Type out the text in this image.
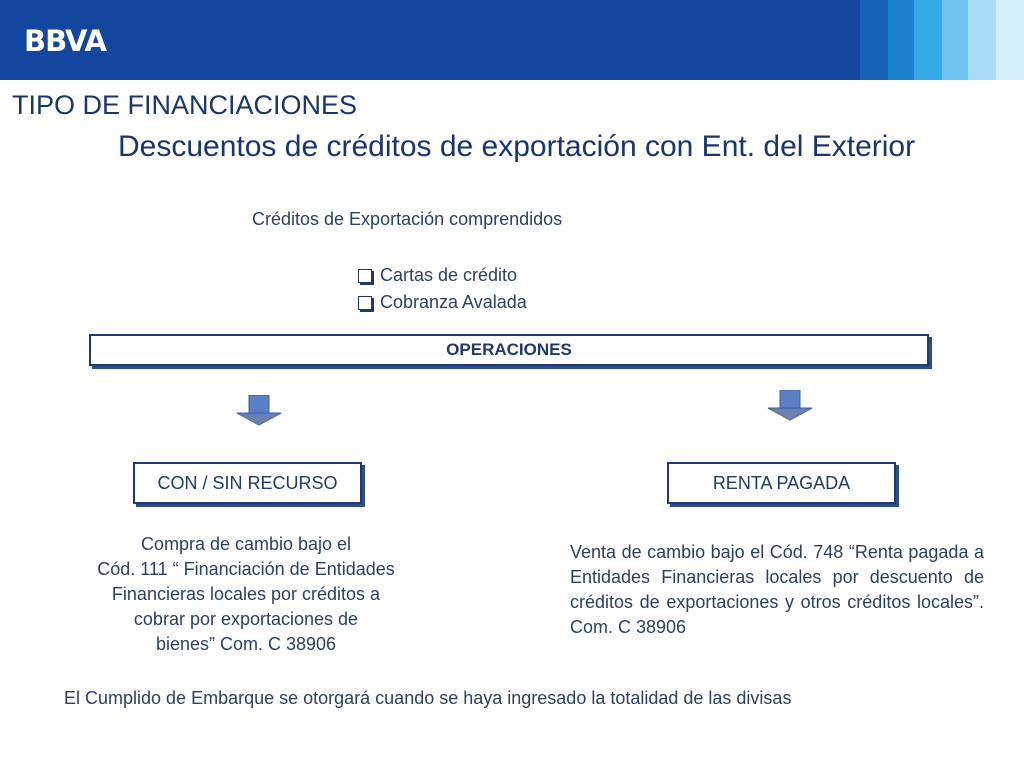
BBVA
TIPO DE FINANCIACIONES
Descuentos de créditos de exportación con Ent. del Exterior
Créditos de Exportación comprendidos
Cartas de crédito
Cobranza Avalada
OPERACIONES
CON / SIN RECURSO	RENTA PAGADA
Compra de cambio bajo el
Cód. 111 “ Financiación de Entidades
Financieras locales por créditos a
cobrar por exportaciones de
bienes” Com. C 38906
Venta de cambio bajo el Cód. 748 “Renta pagada a Entidades Financieras locales por descuento de créditos de exportaciones y otros créditos locales”. Com. C 38906
El Cumplido de Embarque se otorgará cuando se haya ingresado la totalidad de las divisas
